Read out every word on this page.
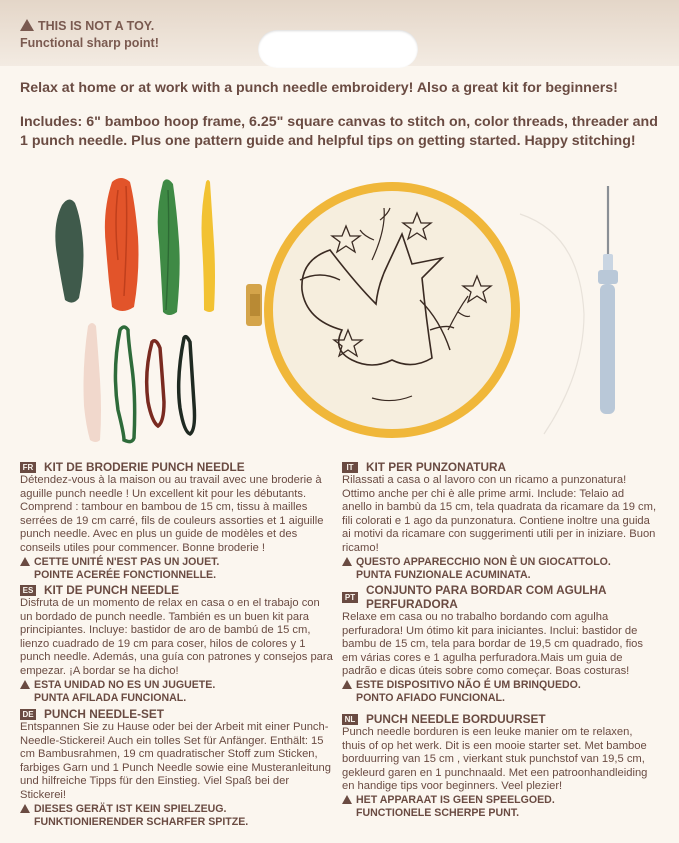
THIS IS NOT A TOY.
Functional sharp point!
Relax at home or at work with a punch needle embroidery! Also a great kit for beginners!
Includes: 6" bamboo hoop frame, 6.25" square canvas to stitch on, color threads, threader and 1 punch needle. Plus one pattern guide and helpful tips on getting started. Happy stitching!
FR KIT DE BRODERIE PUNCH NEEDLE
Détendez-vous à la maison ou au travail avec une broderie à aguille punch needle ! Un excellent kit pour les débutants. Comprend : tambour en bambou de 15 cm, tissu à mailles serrées de 19 cm carré, fils de couleurs assorties et 1 aiguille punch needle. Avec en plus un guide de modèles et des conseils utiles pour commencer. Bonne broderie !
CETTE UNITÉ N'EST PAS UN JOUET.
POINTE ACERÉE FONCTIONNELLE.
ES KIT DE PUNCH NEEDLE
Disfruta de un momento de relax en casa o en el trabajo con un bordado de punch needle. También es un buen kit para principiantes. Incluye: bastidor de aro de bambú de 15 cm, lienzo cuadrado de 19 cm para coser, hilos de colores y 1 punch needle. Además, una guía con patrones y consejos para empezar. ¡A bordar se ha dicho!
ESTA UNIDAD NO ES UN JUGUETE.
PUNTA AFILADA FUNCIONAL.
DE PUNCH NEEDLE-SET
Entspannen Sie zu Hause oder bei der Arbeit mit einer Punch-Needle-Stickerei! Auch ein tolles Set für Anfänger. Enthält: 15 cm Bambusrahmen, 19 cm quadratischer Stoff zum Sticken, farbiges Garn und 1 Punch Needle sowie eine Musteranleitung und hilfreiche Tipps für den Einstieg. Viel Spaß bei der Stickerei!
DIESES GERÄT IST KEIN SPIELZEUG.
FUNKTIONIERENDER SCHARFER SPITZE.
IT	KIT PER PUNZONATURA
Rilassati a casa o al lavoro con un ricamo a punzonatura! Ottimo anche per chi è alle prime armi. Include: Telaio ad anello in bambù da 15 cm, tela quadrata da ricamare da 19 cm, fili colorati e 1 ago da punzonatura. Contiene inoltre una guida ai motivi da ricamare con suggerimenti utili per in iniziare. Buon ricamo!
QUESTO APPARECCHIO NON È UN GIOCATTOLO.
PUNTA FUNZIONALE ACUMINATA.
PT CONJUNTO PARA BORDAR COM AGULHA PERFURADORA
Relaxe em casa ou no trabalho bordando com agulha perfuradora! Um ótimo kit para iniciantes. Inclui: bastidor de bambu de 15 cm, tela para bordar de 19,5 cm quadrado, fios em várias cores e 1 agulha perfuradora.Mais um guia de padrão e dicas úteis sobre como começar. Boas costuras!
ESTE DISPOSITIVO NÃO É UM BRINQUEDO.
PONTO AFIADO FUNCIONAL.
NL PUNCH NEEDLE BORDUURSET
Punch needle borduren is een leuke manier om te relaxen, thuis of op het werk. Dit is een mooie starter set. Met bamboe borduurring van 15 cm , vierkant stuk punchstof van 19,5 cm, gekleurd garen en 1 punchnaald. Met een patroonhandleiding en handige tips voor beginners. Veel plezier!
HET APPARAAT IS GEEN SPEELGOED.
FUNCTIONELE SCHERPE PUNT.
